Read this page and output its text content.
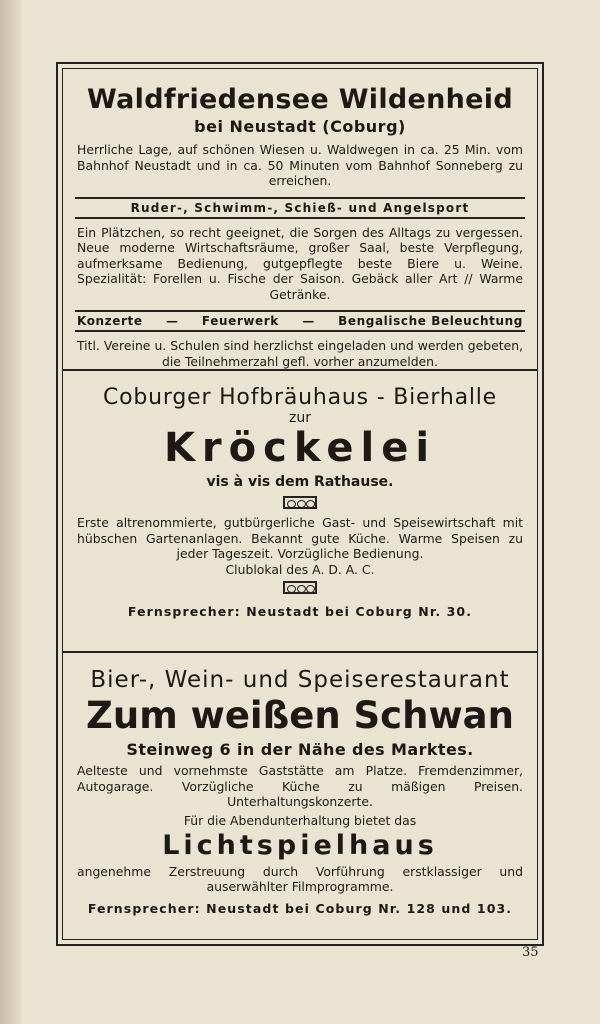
Waldfriedensee Wildenheid
bei Neustadt (Coburg)
Herrliche Lage, auf schönen Wiesen u. Waldwegen in ca. 25 Min. vom Bahnhof Neustadt und in ca. 50 Minuten vom Bahnhof Sonneberg zu erreichen.
Ruder-, Schwimm-, Schieß- und Angelsport
Ein Plätzchen, so recht geeignet, die Sorgen des Alltags zu vergessen. Neue moderne Wirtschaftsräume, großer Saal, beste Verpflegung, aufmerksame Bedienung, gutgepflegte beste Biere u. Weine. Spezialität: Forellen u. Fische der Saison. Gebäck aller Art // Warme Getränke.
Konzerte — Feuerwerk — Bengalische Beleuchtung
Titl. Vereine u. Schulen sind herzlichst eingeladen und werden gebeten, die Teilnehmerzahl gefl. vorher anzumelden.
Coburger Hofbräuhaus - Bierhalle
zur
Kröckelei
vis à vis dem Rathause.
Erste altrenommierte, gutbürgerliche Gast- und Speisewirtschaft mit hübschen Gartenanlagen. Bekannt gute Küche. Warme Speisen zu jeder Tageszeit. Vorzügliche Bedienung.
Clublokal des A. D. A. C.
Fernsprecher: Neustadt bei Coburg Nr. 30.
Bier-, Wein- und Speiserestaurant
Zum weißen Schwan
Steinweg 6 in der Nähe des Marktes.
Aelteste und vornehmste Gaststätte am Platze. Fremdenzimmer, Autogarage. Vorzügliche Küche zu mäßigen Preisen. Unterhaltungskonzerte.
Für die Abendunterhaltung bietet das
Lichtspielhaus
angenehme Zerstreuung durch Vorführung erstklassiger und auserwählter Filmprogramme.
Fernsprecher: Neustadt bei Coburg Nr. 128 und 103.
35
